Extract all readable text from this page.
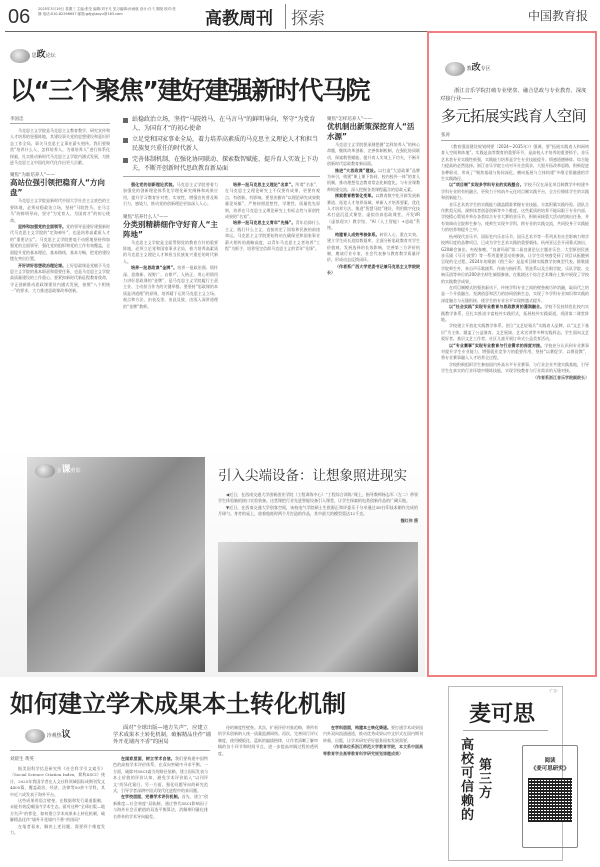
06 2025年3月19日 星期三 主编:张莹 编辑:刘予凡 见习编辑:孙雨航 设计:白弋 图版 校对:张静 电话:010-82296657 邮箱:gdjyjiaoyu@163.com	高教周刊	探索	中国教育报
思政论坛
以“三个聚焦”建好建强新时代马院
李国忠

马克思主义学院是马克思主义教育教学、研究宣传和人才培养的坚强阵地，其建设事关党的思想建设和意识形态工作全局、事关马克思主义事业薪火相传。我们要聚焦“培养什么人、怎样培养人、为谁培养人”进行体系化探索，扎实推动新时代马克思主义学院内涵式发展，为推进马克思主义中国化时代化作出更大贡献。

聚焦“为谁培养人”——

高站位强引领把稳育人“方向盘”

马克思主义学院是新时代中国大学社会主义底色的主要阵地，必须站稳政治立场，坚持“马院姓马、在马言马”的鲜明导向，坚守“为党育人、为国育才”的初心使命。

坚持和加强党的全面领导。党的领导是建好建强新时代马克思主义学院的“定海神针”，也是培养高素质人才的“重要法宝”。马克思主义学院要毫不动摇地坚持和加强党的全面领导，强化党的组织和党的工作有效覆盖，全面提升党的基本理论、基本路线、基本方略，把党的建设摆在突出位置。

开好讲好思想政治理论课。上好思政课是党赋予马克思主义学院的基本职责和重要任务，也是马克思主义学院高质量建设的工作重心。要紧扣新时代新征程教育使命，守正创新推动思政课建设内涵式发展，按照“八个相统一”的要求，大力推进思政课改革创新。

站稳政治立场，坚持“马院姓马，在马言马”的鲜明导向，坚守“为党育人、为国育才”的初心使命
立足党和国家事业全局，着力培养高素质的马克思主义理论人才和担当民族复兴重任的时代新人
完善体制机制，在强化协同联动、探索数智赋能、提升育人实效上下功夫，不断开创新时代思政教育新局面

强化党的创新理论武装。马克思主义学院要着力加强党的创新理论体系化学理化研究阐释和成果应用，提升学习教育针对性、实效性，增强宣传普及吸引力、感染力，推动党的创新理论更加深入人心。

聚焦“培养什么人”——

分类别精耕细作守好育人“主阵地”

马克思主义学院是全面贯彻党的教育方针的重要阵地，必须立足党和国家事业全局，着力培养高素质的马克思主义理论人才和担当民族复兴重任的时代新人。

培养一批思政课“金牌”。培养一批政治强、情怀深、思维新、视野广、自律严、人格正，用心用情用力讲好思政课的“金牌”，是马克思主义学院履行主责主业、主动担当作为的关键举措。要坚持“思政课的本质是讲道理”的原则，培养精于运用马克思主义立场、观点和方法，由表及里、由此及彼、由浅入深讲道理的“金牌”教师。

培养一批马克思主义理论“名家”。所谓“名家”，在马克思主义理论研究上不仅要有成果，更要有观点、有创新、有影响。要坚决摒弃“以理论研究成果数量论英雄”，严格按照思想性、学理性、质量优先原则，培养在马克思主义理论研究上有标志性与原创性成果的“名家”。

培养一批马克思主义青年“先锋”。青年信仰什么主义，践行什么主义，直接决定了国家和民族的前途命运。马克思主义学院要始终站在确保党和国家事业薪火相传的战略高度，以青年马克思主义者培养“工程”为抓手，培养坚定信仰马克思主义的青年“先锋”。

聚焦“怎样培养人”——

优机制出新策深挖育人“活水源”

马克思主义学院要深刻把握“怎样培养人”的核心命题，继续改革创新、完善体制机制，在强化协同联动、探索数智赋能、提升育人实效上下功夫，不断开创新时代思政教育新局面。

推进“大思政课”建设。以打造“大思政课”品牌为牵引，构建“课上课下协同、校内校外一体”的育人机制，推动理想信念教育常态化制度化。与专业课教师构建交流、深入挖掘各类课程蕴含的思政元素。

探索教育数智化变革。以教育数字化开辟发展新赛道、拓宽人才培养场域、革新人才培养要素、优化人才培养方法。推进“智慧马院”建设，利用数字化技术打造沉浸式课堂、虚拟仿真思政课堂，开发VR（虚拟现实）教学馆、“AI（人工智能）+思政”系统。

构建育人成效考核体系。转识入心，重在实效。建立学生成长追踪数据库，全面分析思政教育对学生价值观、发展选择的长效影响，完善第三方评价机制，邀请行业专家、社会代表参与教育教学质量评价，形成动态反馈闭环。

（作者系广西大学党委书记兼马克思主义学院院长）

金课剪影	引入尖端设备：让想象照进现实

◀近日，在西南交通大学创新创业学院（工程训练中心）“工程综合训练”课上，指导教师杨志军（左二）带领学生体验脑机接口实验装备。这堂课把行业先进智能设备引入课堂，让学生探索机电类创新作品的广阔天地。

▼近日，在西南交通大学创客空间，该校电气学院硕士生欧源正和评委乐于分享通过3D打印技术制作完成的月球勺。身旁的桌上，放着他耗时两个月打造的作品，其中最大的模型重达12千克。

魏红伟 摄

如何建立学术成果本土转化机制
冷观热议
面对“全球出版—地方失声”，应建立学术成果本土转化机制，破解精品佳作“墙外开花墙内不香”的困局

刘晨生 黄英

据美国科学信息研究所《社会科学引文索引》（Social Science Citation Index，简称SSCI）统计，2025年我国学者在人文社科领域国际成期刊发文4405篇，覆盖政治、经济、法律等50余个学科，其中近六成发表于海外平台。

这些成果用语言壁垒，在数据和发行渠道限制，未能有效反哺国内学术生态。面对这种“全球出版—地方失声”的悖论，如何建立学术成果本土转化机制，破解精品佳作“墙外开花墙内不香”的困局？

在笔者看来，解决上述问题，需要四个维度发力。

在国家层面，树立学术自信。我们要构建中国特色的高校学术评价体系，在双向突破中寻求平衡。一方面，破除对SSCI索引的路径依赖，建立国际发表与本土价值的评价认知，避免学术评价陷入“以刊评文”的异化窠臼。另一方面，强化问题导向的研究范式，引导学者深耕中国式现代化进程中的真问题。

在学校层面，完善学术评价机制。首先，建立“创新维度—社会效度”双轨制，通过替代SSCI影响因子与海外社会贡献值的双选平衡算法，消解期刊量化排名带来的学术导向偏差。

待的制度性壁垒。其次，扩展评价对象范畴，将所有的学术创新纳入统一质量监测网络。再次，完善同行评议制度，使用模板化、蓝纸的偏插格律，让作者清晰了解审稿的各个环节和时间节点，进一步提高审稿过程的透明度。

在学科层面，构建本土转化渠道。要打通学术成果国内外双向流通通道，推动优秀成果以中文形式在国内期刊转载、出版，让学术研究更好服务国家发展需要。

（作者单位系浙江师范大学教育学院，本文系中国高等教育学会高等教育科学研究规划课题成果）

教改专区
浙江音乐学院打破专业壁垒、融合思政与专业教育、深度对接行业——
多元拓展实践育人空间
张涛

《教育强国建设规划纲要（2024—2035年）》强调，要“拓展实践育人和网络育人空间和阵地”。实践是高等教育的重要环节，是高校人才培养的重要抓手。音乐艺术类专业实践性极强，实践能力培养是学生专业技能提升、情感道德修炼、综合能力提高的必然选择。浙江音乐学院主动对开社会需求，大胆开拓改革思路，积极促进各种联动，形成了“聚焦基础与协同深化、横向拓展与立体构建”多维全景融通的学生实践路径。

以“项目制”实现多学科专业的实践整合。学校不仅在深化项目制教学中构建多学科专业的有机融合，更致力于构筑多元化项目制实践平台，全方位锤炼学生的实践和创新能力。

音乐艺术类学生的实践能力涵盖精准掌握专业技能、丰富积累实践经验、团队合作默契无间、洞察读者创意创新等多个维度。这些素质的培养不能局限于专业内部，学校精心策划并举办各类综合专业大赛的音乐节，积极承接重大活动的演出任务，并有效调动全院师生参与，使师生实现多学科、跨专业的实践交流，共同投身于实践能力的培养和提升之中。

杭州现代音乐节、国际室内乐音乐节、国乐艺术节等一系列具有社会影响力和学校辨识度的品牌项目，已成为学生艺术实践的重要载体。杭州亚运会开闭幕式演出、G20峰会演出、央视春晚、“良渚玛瑙”第二届良渚论坛主题音乐会，大型原创民族音乐剧《马可·波罗》等一系列重要活动的参演，让学生切身感受到了项目从酝酿到呈现的全过程。2024年的歌剧《图兰朵》是是项目制实践教学的典型代表，除歌剧学院师生外，来自声乐歌剧系、作曲与指挥系、管弦系以及合唱学院、乐队学院、交响乐团等单位的200余名师生倾情参演，在歌剧这个综合艺术舞台上集中展现了学校的实践教学成果。

在项目制模式的强劲驱动下，传统学科专业之间的壁垒被巧妙消融，取而代之的是一个开放融合、充满创意和活力的协同创新生态，实现了多学科专业知识和实践的深度融合与无缝衔接，使学生的专业水平实现跨越式提升。

以“社会实践”实现专业教育与思政教育的漫润融合。学校不仅持续优化校内实践教学体系，还扎实推进丰富校外实践形式，拓展校外实践渠道，巩固第二课堂阵地。

学校建立开放化实践教学体系，创立“文艺轻骑兵”实践育人品牌，以“文艺下基层”为主体，涵盖了公益演育、文艺展演、艺术宣讲等多种实践样态。学生面向文艺爱好者、基层文艺工作者、社区儿童开展订单式公益美育活动。

以“专业赛事”实现专业教育与行业需求的深度对接。学校充分认识到专业赛事对提升学生专业能力、增强就业竞争力的重要作用，坚持“以赛促学、以赛促教”，将专业赛事融入人才培养全过程。

学校积极组织学生参加国内外高水平专业赛事，与行业企业共建实践基地，引导学生在真实的行业环境中锤炼技能，实现学校教育与行业需求的无缝对接。

（作者系浙江音乐学院副院长）

·广告·
麦可思
高校可信赖的
第三方
阅读
《麦可思研究》
